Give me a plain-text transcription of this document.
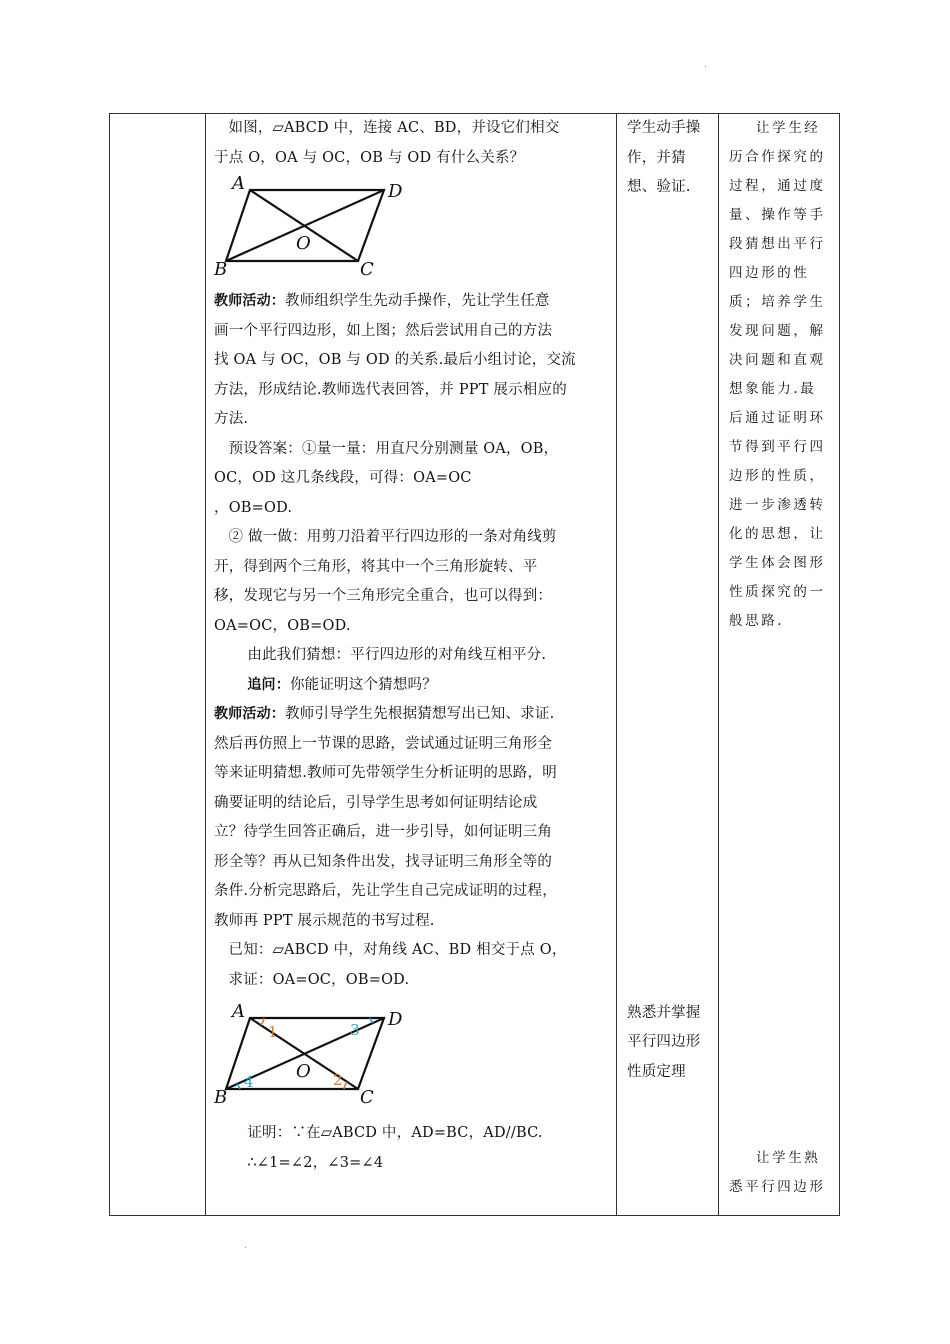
·
·

如图，▱ABCD 中，连接 AC、BD，并设它们相交

于点 O，OA 与 OC，OB 与 OD 有什么关系？

A	D
B	C
O

教师活动：教师组织学生先动手操作，先让学生任意

画一个平行四边形，如上图；然后尝试用自己的方法

找 OA 与 OC，OB 与 OD 的关系.最后小组讨论，交流

方法，形成结论.教师选代表回答，并 PPT 展示相应的

方法.

预设答案：①量一量：用直尺分别测量 OA，OB，

OC，OD 这几条线段，可得：OA=OC

，OB=OD.

② 做一做：用剪刀沿着平行四边形的一条对角线剪

开，得到两个三角形，将其中一个三角形旋转、平

移，发现它与另一个三角形完全重合，也可以得到：

OA=OC，OB=OD.

由此我们猜想：平行四边形的对角线互相平分.

追问：你能证明这个猜想吗？

教师活动：教师引导学生先根据猜想写出已知、求证.

然后再仿照上一节课的思路，尝试通过证明三角形全

等来证明猜想.教师可先带领学生分析证明的思路，明

确要证明的结论后，引导学生思考如何证明结论成

立？待学生回答正确后，进一步引导，如何证明三角

形全等？再从已知条件出发，找寻证明三角形全等的

条件.分析完思路后，先让学生自己完成证明的过程，

教师再 PPT 展示规范的书写过程.

已知：▱ABCD 中，对角线 AC、BD 相交于点 O，

求证：OA=OC，OB=OD.

1
2
3
4
A	D
B	C
O

证明：∵在▱ABCD 中，AD=BC，AD//BC.

∴∠1=∠2，∠3=∠4

学生动手操作，并猜想、验证.

熟悉并掌握平行四边形性质定理

让学生经历合作探究的过程，通过度量、操作等手段猜想出平行四边形的性质；培养学生发现问题，解决问题和直观想象能力.最后通过证明环节得到平行四边形的性质，进一步渗透转化的思想，让学生体会图形性质探究的一般思路.

让学生熟悉平行四边形
